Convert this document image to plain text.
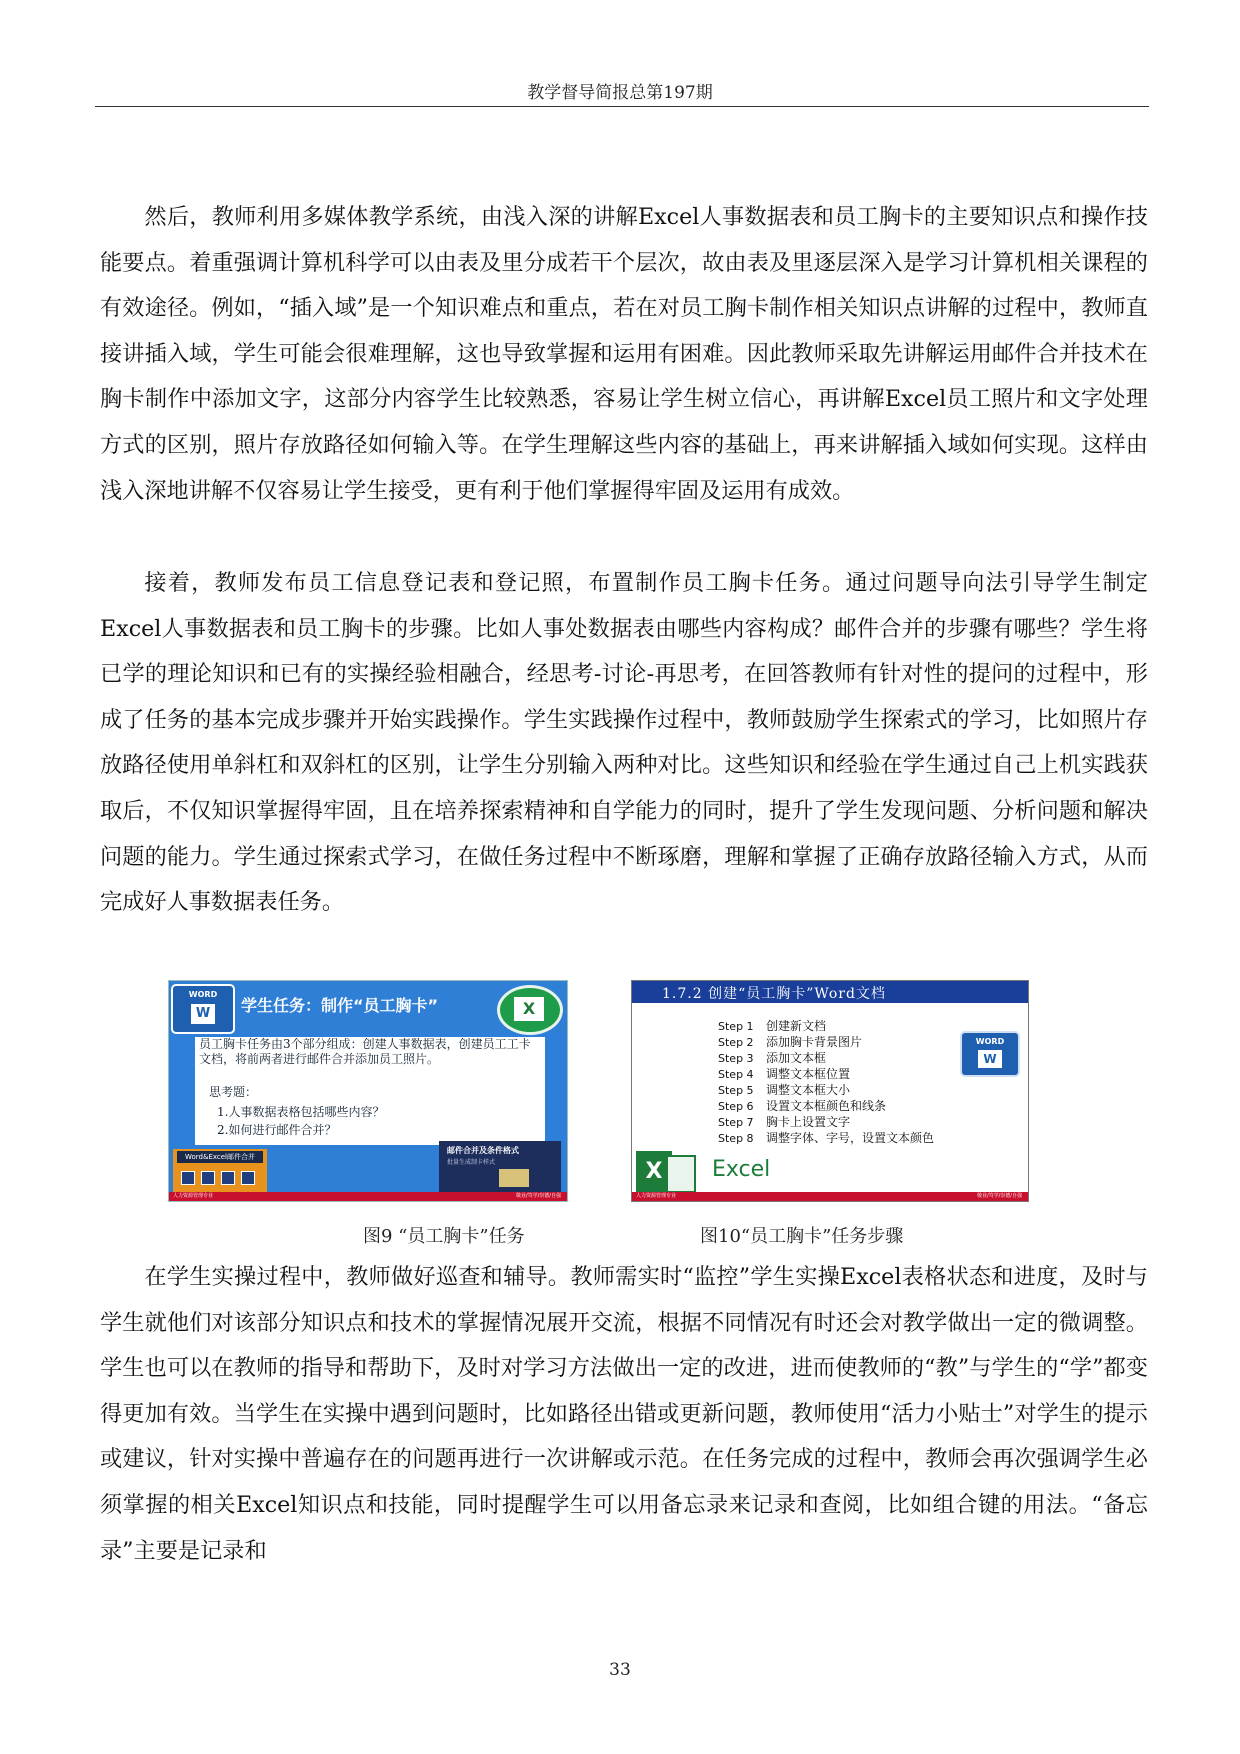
教学督导简报总第197期

然后，教师利用多媒体教学系统，由浅入深的讲解Excel人事数据表和员工胸卡的主要知识点和操作技能要点。着重强调计算机科学可以由表及里分成若干个层次，故由表及里逐层深入是学习计算机相关课程的有效途径。例如，“插入域”是一个知识难点和重点，若在对员工胸卡制作相关知识点讲解的过程中，教师直接讲插入域，学生可能会很难理解，这也导致掌握和运用有困难。因此教师采取先讲解运用邮件合并技术在胸卡制作中添加文字，这部分内容学生比较熟悉，容易让学生树立信心，再讲解Excel员工照片和文字处理方式的区别，照片存放路径如何输入等。在学生理解这些内容的基础上，再来讲解插入域如何实现。这样由浅入深地讲解不仅容易让学生接受，更有利于他们掌握得牢固及运用有成效。

接着，教师发布员工信息登记表和登记照，布置制作员工胸卡任务。通过问题导向法引导学生制定Excel人事数据表和员工胸卡的步骤。比如人事处数据表由哪些内容构成？邮件合并的步骤有哪些？学生将已学的理论知识和已有的实操经验相融合，经思考-讨论-再思考，在回答教师有针对性的提问的过程中，形成了任务的基本完成步骤并开始实践操作。学生实践操作过程中，教师鼓励学生探索式的学习，比如照片存放路径使用单斜杠和双斜杠的区别，让学生分别输入两种对比。这些知识和经验在学生通过自己上机实践获取后，不仅知识掌握得牢固，且在培养探索精神和自学能力的同时，提升了学生发现问题、分析问题和解决问题的能力。学生通过探索式学习，在做任务过程中不断琢磨，理解和掌握了正确存放路径输入方式，从而完成好人事数据表任务。

WORD
W	学生任务：制作“员工胸卡”	X
员工胸卡任务由3个部分组成：创建人事数据表，创建员工工卡文档，将前两者进行邮件合并添加员工照片。
思考题：
1.人事数据表格包括哪些内容？
2.如何进行邮件合并？
Word&Excel邮件合并
邮件合并及条件格式
批量生成制卡样式
人力资源管理专业	敬业/笃学/崇德/自强
1.7.2 创建“员工胸卡”Word文档
Step 1 创建新文档
Step 2 添加胸卡背景图片
Step 3 添加文本框
Step 4 调整文本框位置
Step 5 调整文本框大小
Step 6 设置文本框颜色和线条
Step 7 胸卡上设置文字
Step 8 调整字体、字号，设置文本颜色
WORD
W
X	Excel
人力资源管理专业	敬业/笃学/崇德/自强
图9 “员工胸卡”任务	图10“员工胸卡”任务步骤

在学生实操过程中，教师做好巡查和辅导。教师需实时“监控”学生实操Excel表格状态和进度，及时与学生就他们对该部分知识点和技术的掌握情况展开交流，根据不同情况有时还会对教学做出一定的微调整。学生也可以在教师的指导和帮助下，及时对学习方法做出一定的改进，进而使教师的“教”与学生的“学”都变得更加有效。当学生在实操中遇到问题时，比如路径出错或更新问题，教师使用“活力小贴士”对学生的提示或建议，针对实操中普遍存在的问题再进行一次讲解或示范。在任务完成的过程中，教师会再次强调学生必须掌握的相关Excel知识点和技能，同时提醒学生可以用备忘录来记录和查阅，比如组合键的用法。“备忘录”主要是记录和

33
